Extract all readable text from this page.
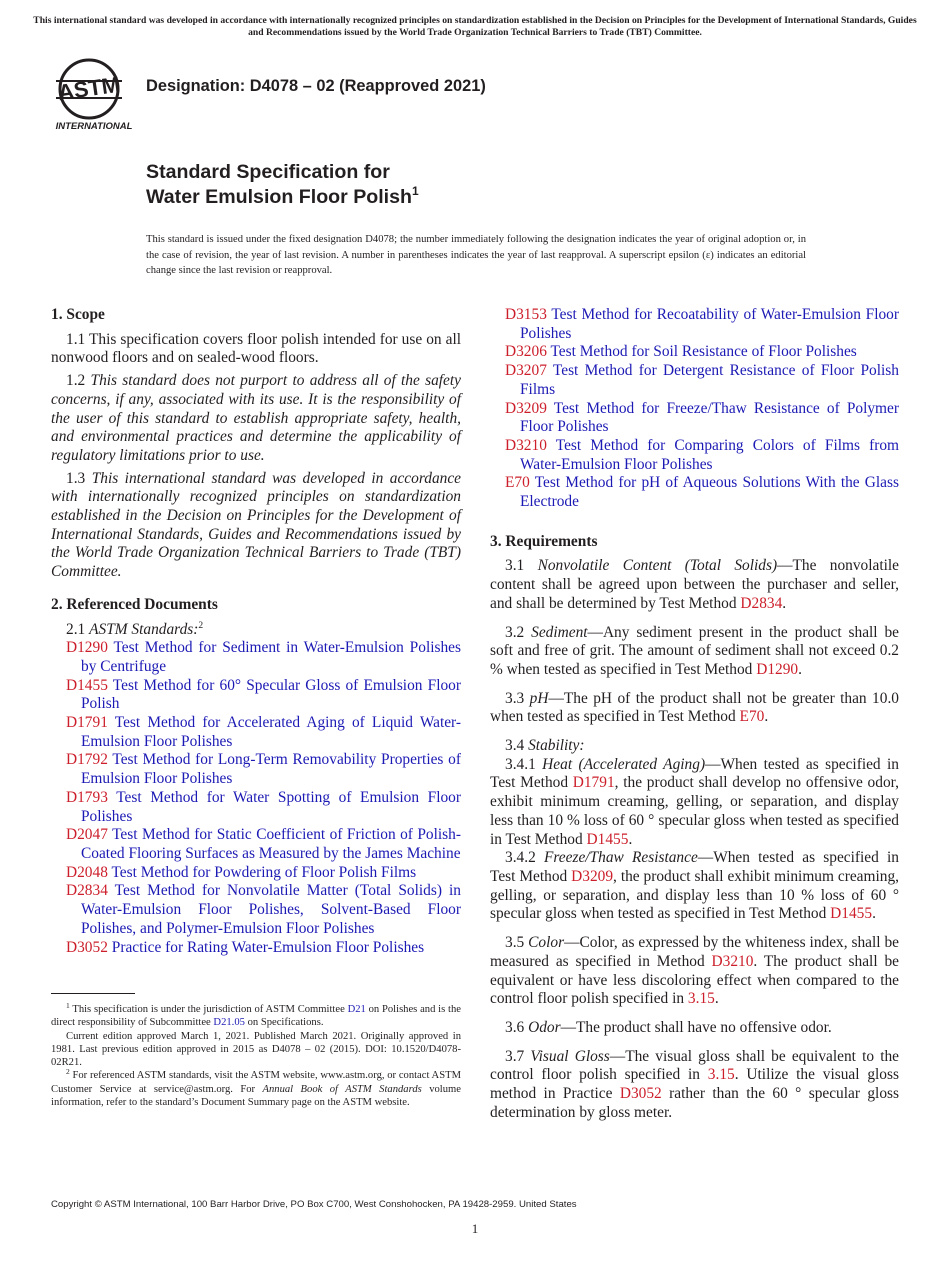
This international standard was developed in accordance with internationally recognized principles on standardization established in the Decision on Principles for the Development of International Standards, Guides and Recommendations issued by the World Trade Organization Technical Barriers to Trade (TBT) Committee.
ASTM
INTERNATIONAL
Designation: D4078 – 02 (Reapproved 2021)
Standard Specification for
Water Emulsion Floor Polish$^1$
This standard is issued under the fixed designation D4078; the number immediately following the designation indicates the year of original adoption or, in the case of revision, the year of last revision. A number in parentheses indicates the year of last reapproval. A superscript epsilon (ε) indicates an editorial change since the last revision or reapproval.
1. Scope

1.1 This specification covers floor polish intended for use on all nonwood floors and on sealed-wood floors.

1.2 This standard does not purport to address all of the safety concerns, if any, associated with its use. It is the responsibility of the user of this standard to establish appropriate safety, health, and environmental practices and determine the applicability of regulatory limitations prior to use.

1.3 This international standard was developed in accordance with internationally recognized principles on standardization established in the Decision on Principles for the Development of International Standards, Guides and Recommendations issued by the World Trade Organization Technical Barriers to Trade (TBT) Committee.

2. Referenced Documents

2.1 ASTM Standards:$^2$

D1290 Test Method for Sediment in Water-Emulsion Polishes by Centrifuge

D1455 Test Method for 60° Specular Gloss of Emulsion Floor Polish

D1791 Test Method for Accelerated Aging of Liquid Water-Emulsion Floor Polishes

D1792 Test Method for Long-Term Removability Properties of Emulsion Floor Polishes

D1793 Test Method for Water Spotting of Emulsion Floor Polishes

D2047 Test Method for Static Coefficient of Friction of Polish-Coated Flooring Surfaces as Measured by the James Machine

D2048 Test Method for Powdering of Floor Polish Films

D2834 Test Method for Nonvolatile Matter (Total Solids) in Water-Emulsion Floor Polishes, Solvent-Based Floor Polishes, and Polymer-Emulsion Floor Polishes

D3052 Practice for Rating Water-Emulsion Floor Polishes

D3153 Test Method for Recoatability of Water-Emulsion Floor Polishes

D3206 Test Method for Soil Resistance of Floor Polishes

D3207 Test Method for Detergent Resistance of Floor Polish Films

D3209 Test Method for Freeze/Thaw Resistance of Polymer Floor Polishes

D3210 Test Method for Comparing Colors of Films from Water-Emulsion Floor Polishes

E70 Test Method for pH of Aqueous Solutions With the Glass Electrode

3. Requirements

3.1 Nonvolatile Content (Total Solids)—The nonvolatile content shall be agreed upon between the purchaser and seller, and shall be determined by Test Method D2834.

3.2 Sediment—Any sediment present in the product shall be soft and free of grit. The amount of sediment shall not exceed 0.2 % when tested as specified in Test Method D1290.

3.3 pH—The pH of the product shall not be greater than 10.0 when tested as specified in Test Method E70.

3.4 Stability:

3.4.1 Heat (Accelerated Aging)—When tested as specified in Test Method D1791, the product shall develop no offensive odor, exhibit minimum creaming, gelling, or separation, and display less than 10 % loss of 60 ° specular gloss when tested as specified in Test Method D1455.

3.4.2 Freeze/Thaw Resistance—When tested as specified in Test Method D3209, the product shall exhibit minimum creaming, gelling, or separation, and display less than 10 % loss of 60 ° specular gloss when tested as specified in Test Method D1455.

3.5 Color—Color, as expressed by the whiteness index, shall be measured as specified in Method D3210. The product shall be equivalent or have less discoloring effect when compared to the control floor polish specified in 3.15.

3.6 Odor—The product shall have no offensive odor.

3.7 Visual Gloss—The visual gloss shall be equivalent to the control floor polish specified in 3.15. Utilize the visual gloss method in Practice D3052 rather than the 60 ° specular gloss determination by gloss meter.

$^1$ This specification is under the jurisdiction of ASTM Committee D21 on Polishes and is the direct responsibility of Subcommittee D21.05 on Specifications.

Current edition approved March 1, 2021. Published March 2021. Originally approved in 1981. Last previous edition approved in 2015 as D4078 – 02 (2015). DOI: 10.1520/D4078-02R21.

$^2$ For referenced ASTM standards, visit the ASTM website, www.astm.org, or contact ASTM Customer Service at service@astm.org. For Annual Book of ASTM Standards volume information, refer to the standard’s Document Summary page on the ASTM website.

Copyright © ASTM International, 100 Barr Harbor Drive, PO Box C700, West Conshohocken, PA 19428-2959. United States
1
